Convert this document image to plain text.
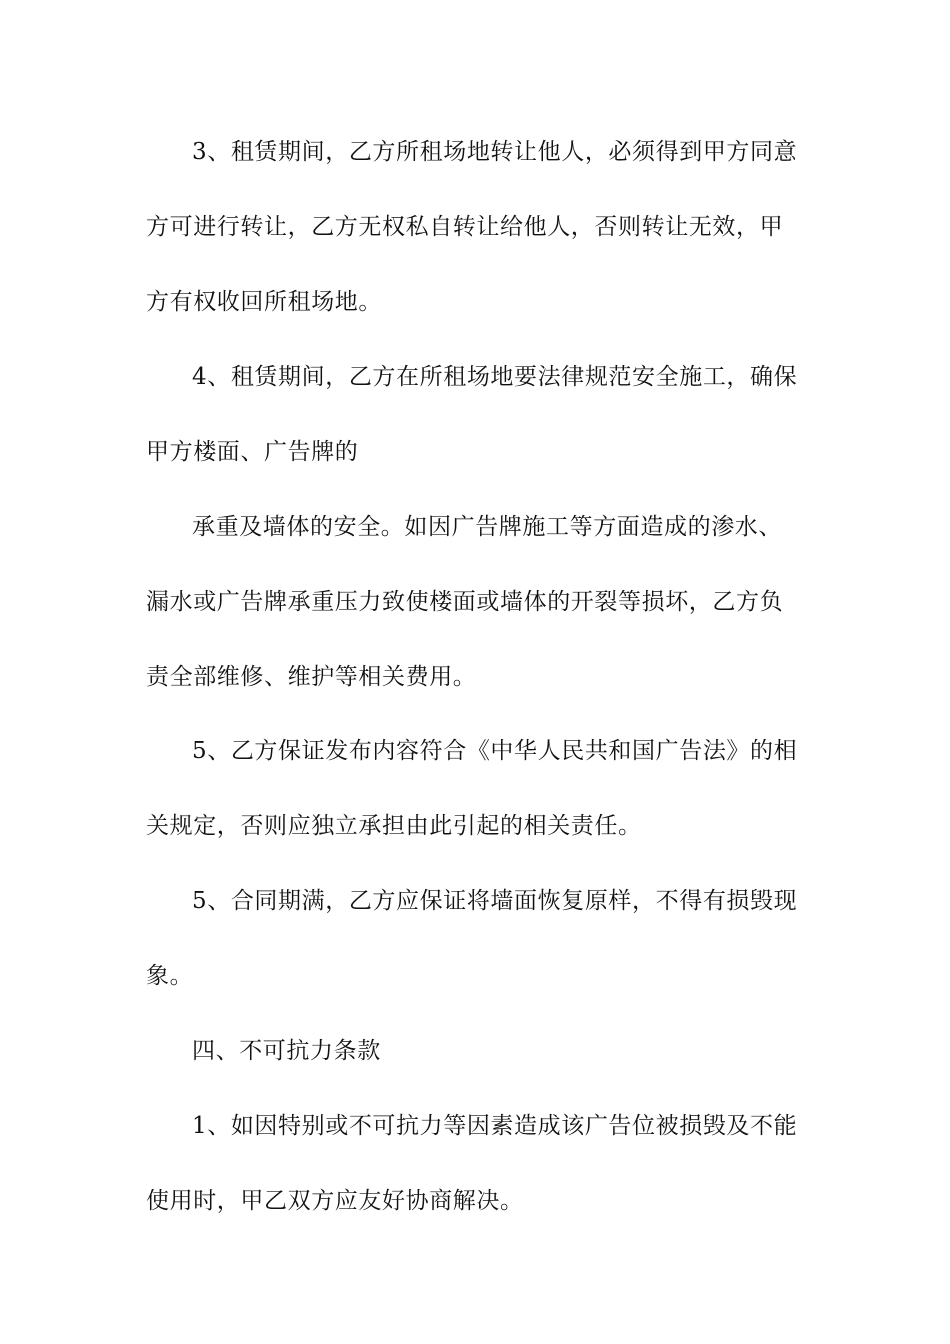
3、租赁期间，乙方所租场地转让他人，必须得到甲方同意
方可进行转让，乙方无权私自转让给他人，否则转让无效，甲
方有权收回所租场地。
4、租赁期间，乙方在所租场地要法律规范安全施工，确保
甲方楼面、广告牌的
承重及墙体的安全。如因广告牌施工等方面造成的渗水、
漏水或广告牌承重压力致使楼面或墙体的开裂等损坏，乙方负
责全部维修、维护等相关费用。
5、乙方保证发布内容符合《中华人民共和国广告法》的相
关规定，否则应独立承担由此引起的相关责任。
5、合同期满，乙方应保证将墙面恢复原样，不得有损毁现
象。
四、不可抗力条款
1、如因特别或不可抗力等因素造成该广告位被损毁及不能
使用时，甲乙双方应友好协商解决。
